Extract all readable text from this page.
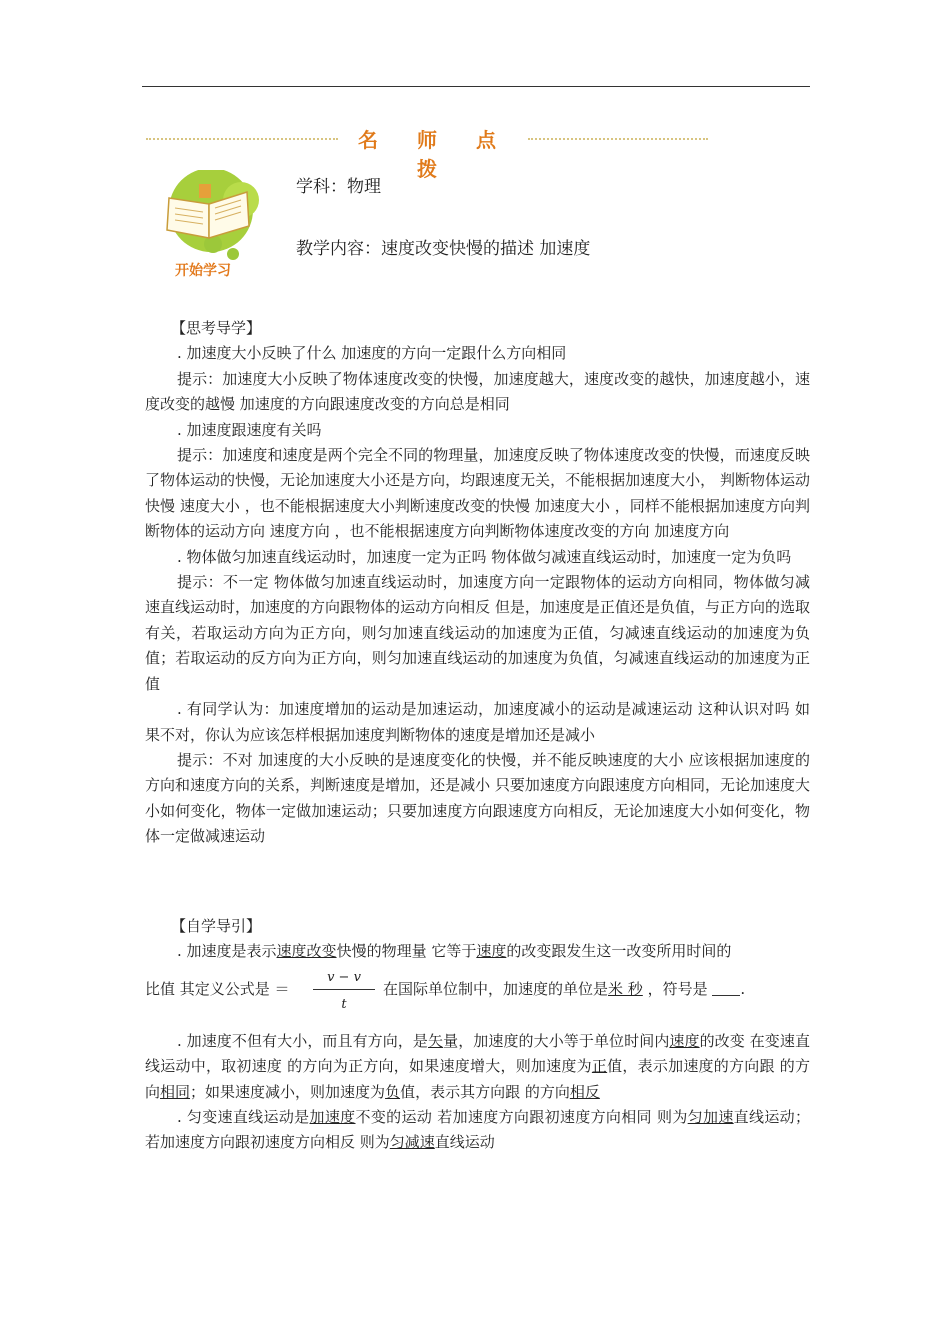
名 师 点 拨
开始学习
学科：物理
教学内容：速度改变快慢的描述 加速度

【思考导学】

. 加速度大小反映了什么 加速度的方向一定跟什么方向相同

提示：加速度大小反映了物体速度改变的快慢，加速度越大，速度改变的越快，加速度越小，速度改变的越慢 加速度的方向跟速度改变的方向总是相同

. 加速度跟速度有关吗

提示：加速度和速度是两个完全不同的物理量，加速度反映了物体速度改变的快慢，而速度反映了物体运动的快慢，无论加速度大小还是方向，均跟速度无关，不能根据加速度大小， 判断物体运动快慢 速度大小 ，也不能根据速度大小判断速度改变的快慢 加速度大小 ，同样不能根据加速度方向判断物体的运动方向 速度方向 ，也不能根据速度方向判断物体速度改变的方向 加速度方向

. 物体做匀加速直线运动时，加速度一定为正吗 物体做匀减速直线运动时，加速度一定为负吗

提示：不一定 物体做匀加速直线运动时，加速度方向一定跟物体的运动方向相同，物体做匀减速直线运动时，加速度的方向跟物体的运动方向相反 但是，加速度是正值还是负值，与正方向的选取有关，若取运动方向为正方向，则匀加速直线运动的加速度为正值，匀减速直线运动的加速度为负值；若取运动的反方向为正方向，则匀加速直线运动的加速度为负值，匀减速直线运动的加速度为正值

. 有同学认为：加速度增加的运动是加速运动，加速度减小的运动是减速运动 这种认识对吗 如果不对，你认为应该怎样根据加速度判断物体的速度是增加还是减小

提示：不对 加速度的大小反映的是速度变化的快慢，并不能反映速度的大小 应该根据加速度的方向和速度方向的关系，判断速度是增加，还是减小 只要加速度方向跟速度方向相同，无论加速度大小如何变化，物体一定做加速运动；只要加速度方向跟速度方向相反，无论加速度大小如何变化，物体一定做减速运动

【自学导引】

. 加速度是表示速度改变快慢的物理量 它等于速度的改变跟发生这一改变所用时间的

比值 其定义公式是 ＝
v − v
t
在国际单位制中，加速度的单位是米 秒 ，符号是 .

. 加速度不但有大小，而且有方向，是矢量，加速度的大小等于单位时间内速度的改变 在变速直线运动中，取初速度 的方向为正方向，如果速度增大，则加速度为正值，表示加速度的方向跟 的方向相同；如果速度减小，则加速度为负值，表示其方向跟 的方向相反

. 匀变速直线运动是加速度不变的运动 若加速度方向跟初速度方向相同 则为匀加速直线运动；若加速度方向跟初速度方向相反 则为匀减速直线运动
